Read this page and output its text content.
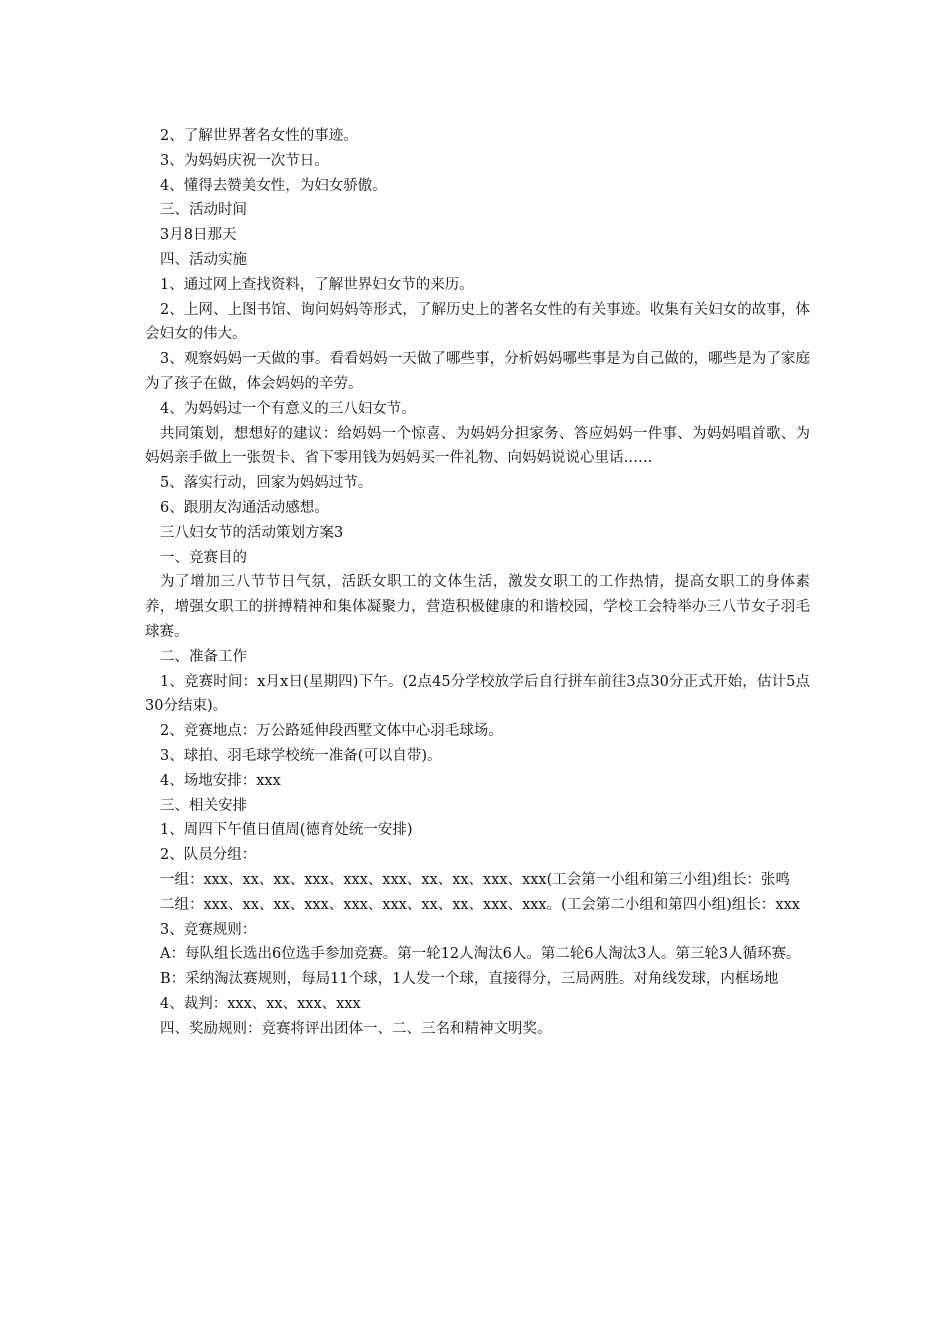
2、了解世界著名女性的事迹。

3、为妈妈庆祝一次节日。

4、懂得去赞美女性，为妇女骄傲。

三、活动时间

3月8日那天

四、活动实施

1、通过网上查找资料，了解世界妇女节的来历。

2、上网、上图书馆、询问妈妈等形式，了解历史上的著名女性的有关事迹。收集有关妇女的故事，体会妇女的伟大。

3、观察妈妈一天做的事。看看妈妈一天做了哪些事，分析妈妈哪些事是为自己做的，哪些是为了家庭为了孩子在做，体会妈妈的辛劳。

4、为妈妈过一个有意义的三八妇女节。

共同策划，想想好的建议：给妈妈一个惊喜、为妈妈分担家务、答应妈妈一件事、为妈妈唱首歌、为妈妈亲手做上一张贺卡、省下零用钱为妈妈买一件礼物、向妈妈说说心里话……

5、落实行动，回家为妈妈过节。

6、跟朋友沟通活动感想。

三八妇女节的活动策划方案3

一、竞赛目的

为了增加三八节节日气氛，活跃女职工的文体生活，激发女职工的工作热情，提高女职工的身体素养，增强女职工的拼搏精神和集体凝聚力，营造积极健康的和谐校园，学校工会特举办三八节女子羽毛球赛。

二、准备工作

1、竞赛时间：x月x日(星期四)下午。(2点45分学校放学后自行拼车前往3点30分正式开始，估计5点30分结束)。

2、竞赛地点：万公路延伸段西墅文体中心羽毛球场。

3、球拍、羽毛球学校统一准备(可以自带)。

4、场地安排：xxx

三、相关安排

1、周四下午值日值周(德育处统一安排)

2、队员分组：

一组：xxx、xx、xx、xxx、xxx、xxx、xx、xx、xxx、xxx(工会第一小组和第三小组)组长：张鸣

二组：xxx、xx、xx、xxx、xxx、xxx、xx、xx、xxx、xxx。(工会第二小组和第四小组)组长：xxx

3、竞赛规则：

A：每队组长选出6位选手参加竞赛。第一轮12人淘汰6人。第二轮6人淘汰3人。第三轮3人循环赛。

B：采纳淘汰赛规则，每局11个球，1人发一个球，直接得分，三局两胜。对角线发球，内框场地

4、裁判：xxx、xx、xxx、xxx

四、奖励规则：竞赛将评出团体一、二、三名和精神文明奖。
